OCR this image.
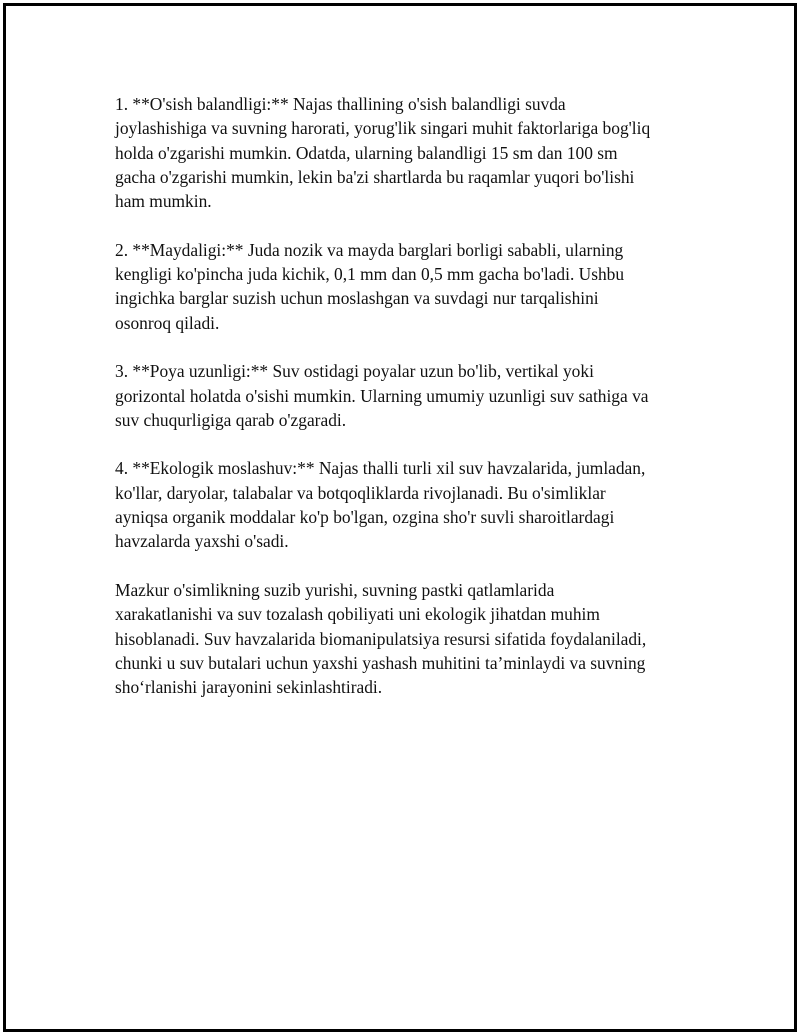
1. **O'sish balandligi:** Najas thallining o'sish balandligi suvda
joylashishiga va suvning harorati, yorug'lik singari muhit faktorlariga bog'liq
holda o'zgarishi mumkin. Odatda, ularning balandligi 15 sm dan 100 sm
gacha o'zgarishi mumkin, lekin ba'zi shartlarda bu raqamlar yuqori bo'lishi
ham mumkin.

2. **Maydaligi:** Juda nozik va mayda barglari borligi sababli, ularning
kengligi ko'pincha juda kichik, 0,1 mm dan 0,5 mm gacha bo'ladi. Ushbu
ingichka barglar suzish uchun moslashgan va suvdagi nur tarqalishini
osonroq qiladi.

3. **Poya uzunligi:** Suv ostidagi poyalar uzun bo'lib, vertikal yoki
gorizontal holatda o'sishi mumkin. Ularning umumiy uzunligi suv sathiga va
suv chuqurligiga qarab o'zgaradi.

4. **Ekologik moslashuv:** Najas thalli turli xil suv havzalarida, jumladan,
ko'llar, daryolar, talabalar va botqoqliklarda rivojlanadi. Bu o'simliklar
ayniqsa organik moddalar ko'p bo'lgan, ozgina sho'r suvli sharoitlardagi
havzalarda yaxshi o'sadi.

Mazkur o'simlikning suzib yurishi, suvning pastki qatlamlarida
xarakatlanishi va suv tozalash qobiliyati uni ekologik jihatdan muhim
hisoblanadi. Suv havzalarida biomanipulatsiya resursi sifatida foydalaniladi,
chunki u suv butalari uchun yaxshi yashash muhitini ta’minlaydi va suvning
sho‘rlanishi jarayonini sekinlashtiradi.
